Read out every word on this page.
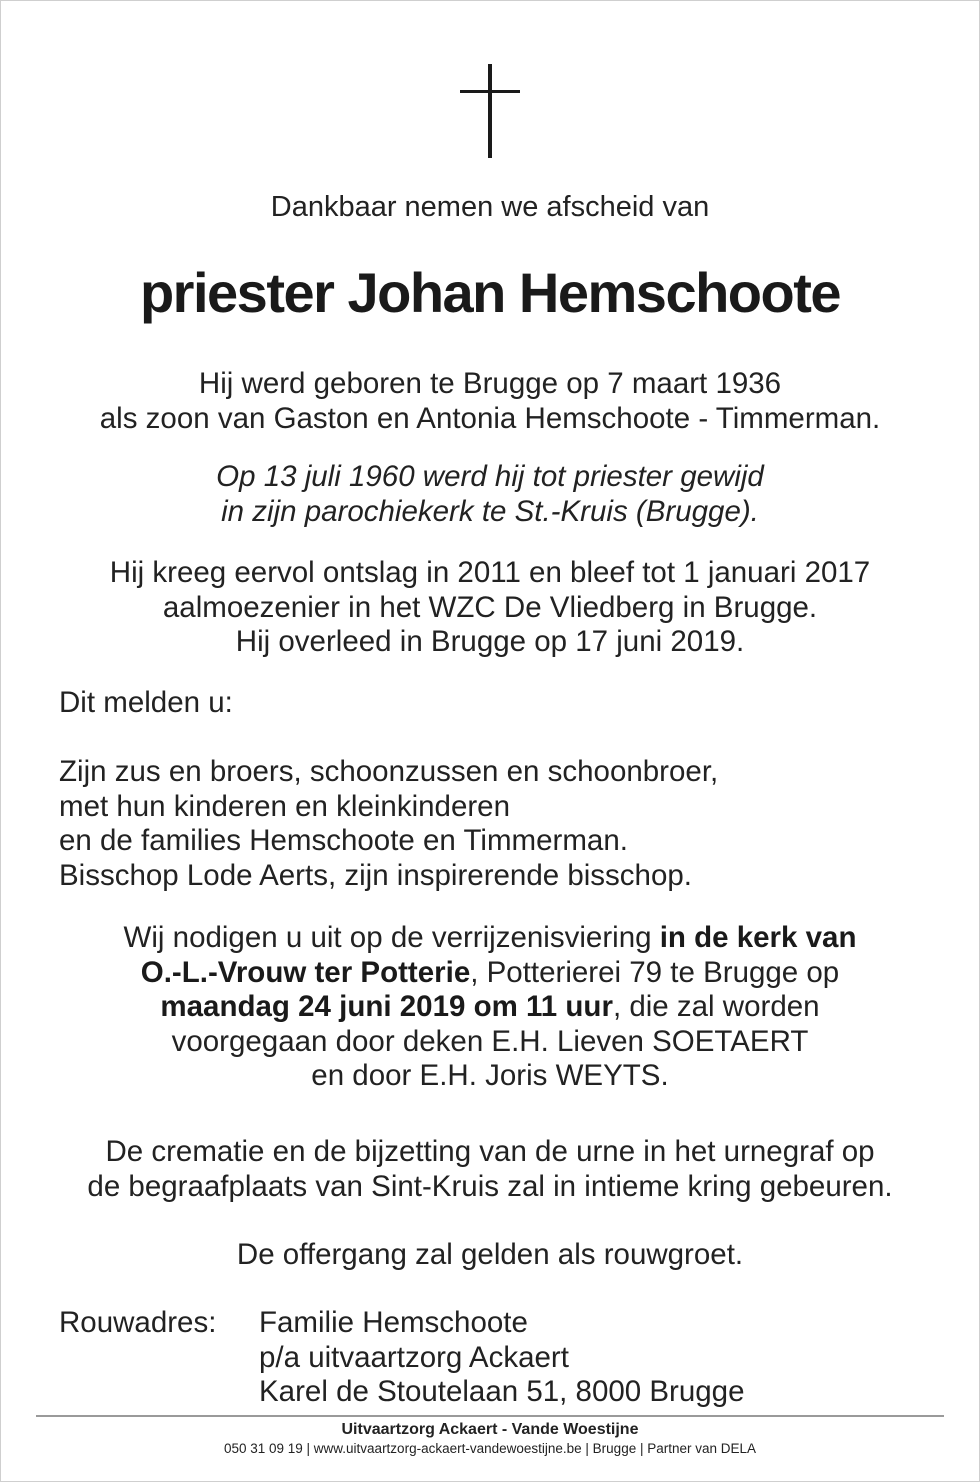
Dankbaar nemen we afscheid van
priester Johan Hemschoote
Hij werd geboren te Brugge op 7 maart 1936
als zoon van Gaston en Antonia Hemschoote - Timmerman.
Op 13 juli 1960 werd hij tot priester gewijd
in zijn parochiekerk te St.-Kruis (Brugge).
Hij kreeg eervol ontslag in 2011 en bleef tot 1 januari 2017
aalmoezenier in het WZC De Vliedberg in Brugge.
Hij overleed in Brugge op 17 juni 2019.
Dit melden u:
Zijn zus en broers, schoonzussen en schoonbroer,
met hun kinderen en kleinkinderen
en de families Hemschoote en Timmerman.
Bisschop Lode Aerts, zijn inspirerende bisschop.
Wij nodigen u uit op de verrijzenisviering in de kerk van
O.-L.-Vrouw ter Potterie, Potterierei 79 te Brugge op
maandag 24 juni 2019 om 11 uur, die zal worden
voorgegaan door deken E.H. Lieven SOETAERT
en door E.H. Joris WEYTS.
De crematie en de bijzetting van de urne in het urnegraf op
de begraafplaats van Sint-Kruis zal in intieme kring gebeuren.
De offergang zal gelden als rouwgroet.
Rouwadres: Familie Hemschoote
p/a uitvaartzorg Ackaert
Karel de Stoutelaan 51, 8000 Brugge
Uitvaartzorg Ackaert - Vande Woestijne
050 31 09 19 | www.uitvaartzorg-ackaert-vandewoestijne.be | Brugge | Partner van DELA
